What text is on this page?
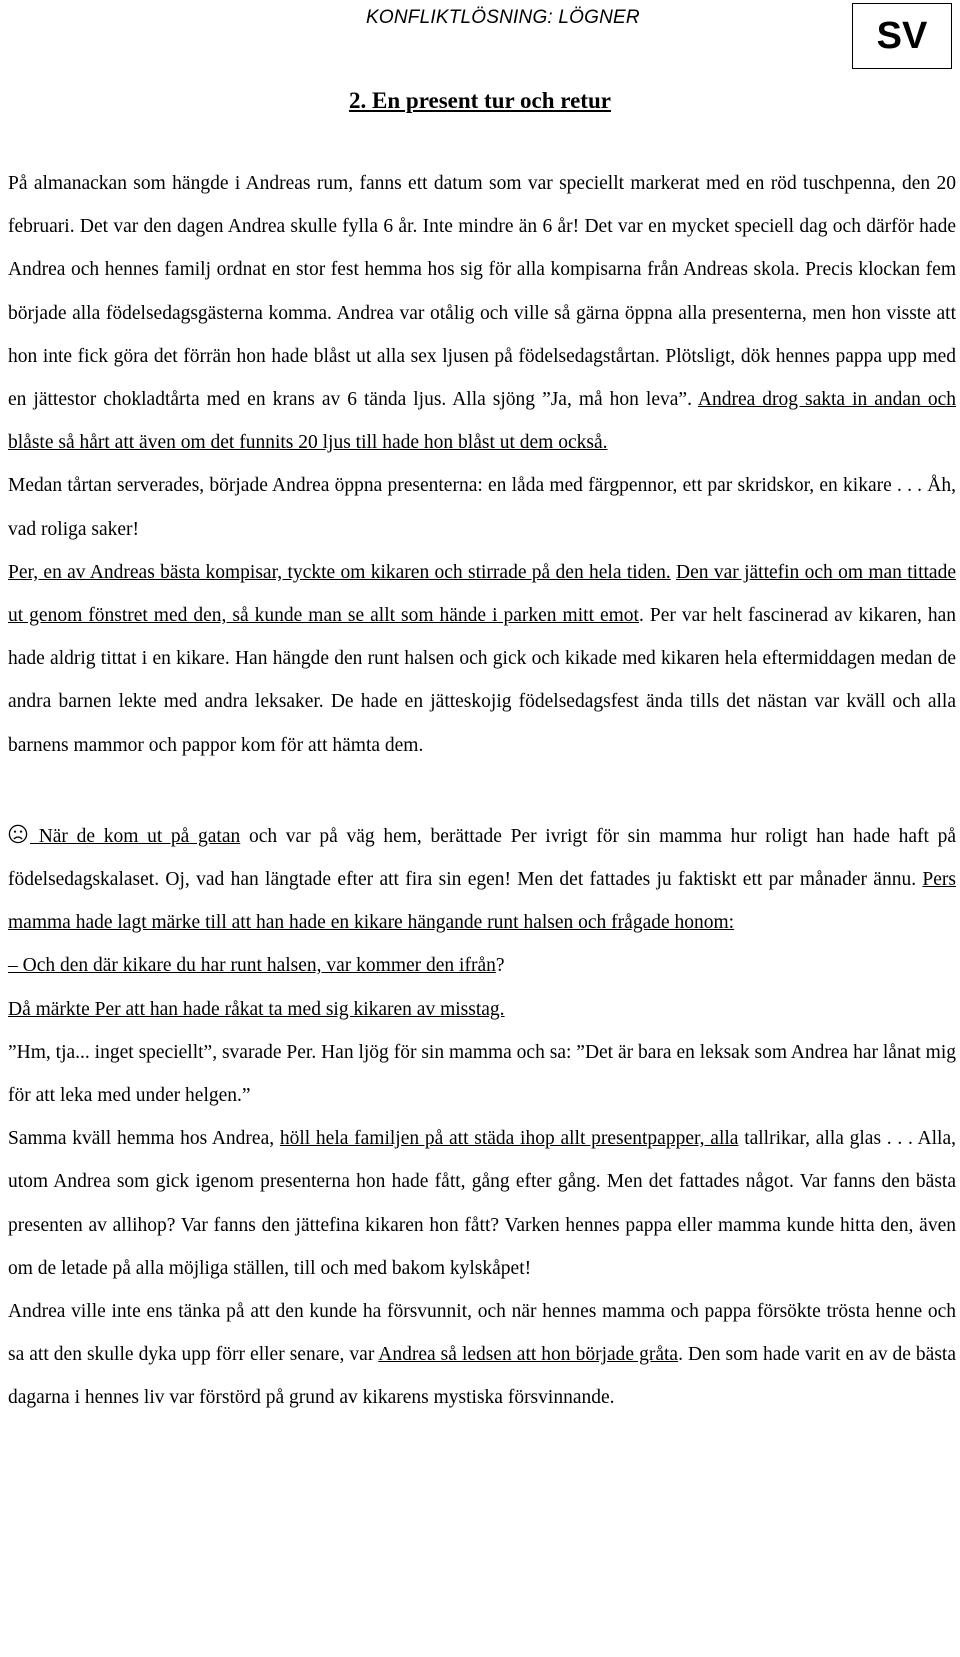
KONFLIKTLÖSNING: LÖGNER	SV
2. En present tur och retur

På almanackan som hängde i Andreas rum, fanns ett datum som var speciellt markerat med en röd tuschpenna, den 20 februari. Det var den dagen Andrea skulle fylla 6 år. Inte mindre än 6 år! Det var en mycket speciell dag och därför hade Andrea och hennes familj ordnat en stor fest hemma hos sig för alla kompisarna från Andreas skola. Precis klockan fem började alla födelsedagsgästerna komma. Andrea var otålig och ville så gärna öppna alla presenterna, men hon visste att hon inte fick göra det förrän hon hade blåst ut alla sex ljusen på födelsedagstårtan. Plötsligt, dök hennes pappa upp med en jättestor chokladtårta med en krans av 6 tända ljus. Alla sjöng ”Ja, må hon leva”. Andrea drog sakta in andan och blåste så hårt att även om det funnits 20 ljus till hade hon blåst ut dem också.

Medan tårtan serverades, började Andrea öppna presenterna: en låda med färgpennor, ett par skridskor, en kikare . . . Åh, vad roliga saker!

Per, en av Andreas bästa kompisar, tyckte om kikaren och stirrade på den hela tiden. Den var jättefin och om man tittade ut genom fönstret med den, så kunde man se allt som hände i parken mitt emot. Per var helt fascinerad av kikaren, han hade aldrig tittat i en kikare. Han hängde den runt halsen och gick och kikade med kikaren hela eftermiddagen medan de andra barnen lekte med andra leksaker. De hade en jätteskojig födelsedagsfest ända tills det nästan var kväll och alla barnens mammor och pappor kom för att hämta dem.

När de kom ut på gatan och var på väg hem, berättade Per ivrigt för sin mamma hur roligt han hade haft på födelsedagskalaset. Oj, vad han längtade efter att fira sin egen! Men det fattades ju faktiskt ett par månader ännu. Pers mamma hade lagt märke till att han hade en kikare hängande runt halsen och frågade honom:

– Och den där kikare du har runt halsen, var kommer den ifrån?

Då märkte Per att han hade råkat ta med sig kikaren av misstag.

”Hm, tja... inget speciellt”, svarade Per. Han ljög för sin mamma och sa: ”Det är bara en leksak som Andrea har lånat mig för att leka med under helgen.”

Samma kväll hemma hos Andrea, höll hela familjen på att städa ihop allt presentpapper, alla tallrikar, alla glas . . . Alla, utom Andrea som gick igenom presenterna hon hade fått, gång efter gång. Men det fattades något. Var fanns den bästa presenten av allihop? Var fanns den jättefina kikaren hon fått? Varken hennes pappa eller mamma kunde hitta den, även om de letade på alla möjliga ställen, till och med bakom kylskåpet!

Andrea ville inte ens tänka på att den kunde ha försvunnit, och när hennes mamma och pappa försökte trösta henne och sa att den skulle dyka upp förr eller senare, var Andrea så ledsen att hon började gråta. Den som hade varit en av de bästa dagarna i hennes liv var förstörd på grund av kikarens mystiska försvinnande.
